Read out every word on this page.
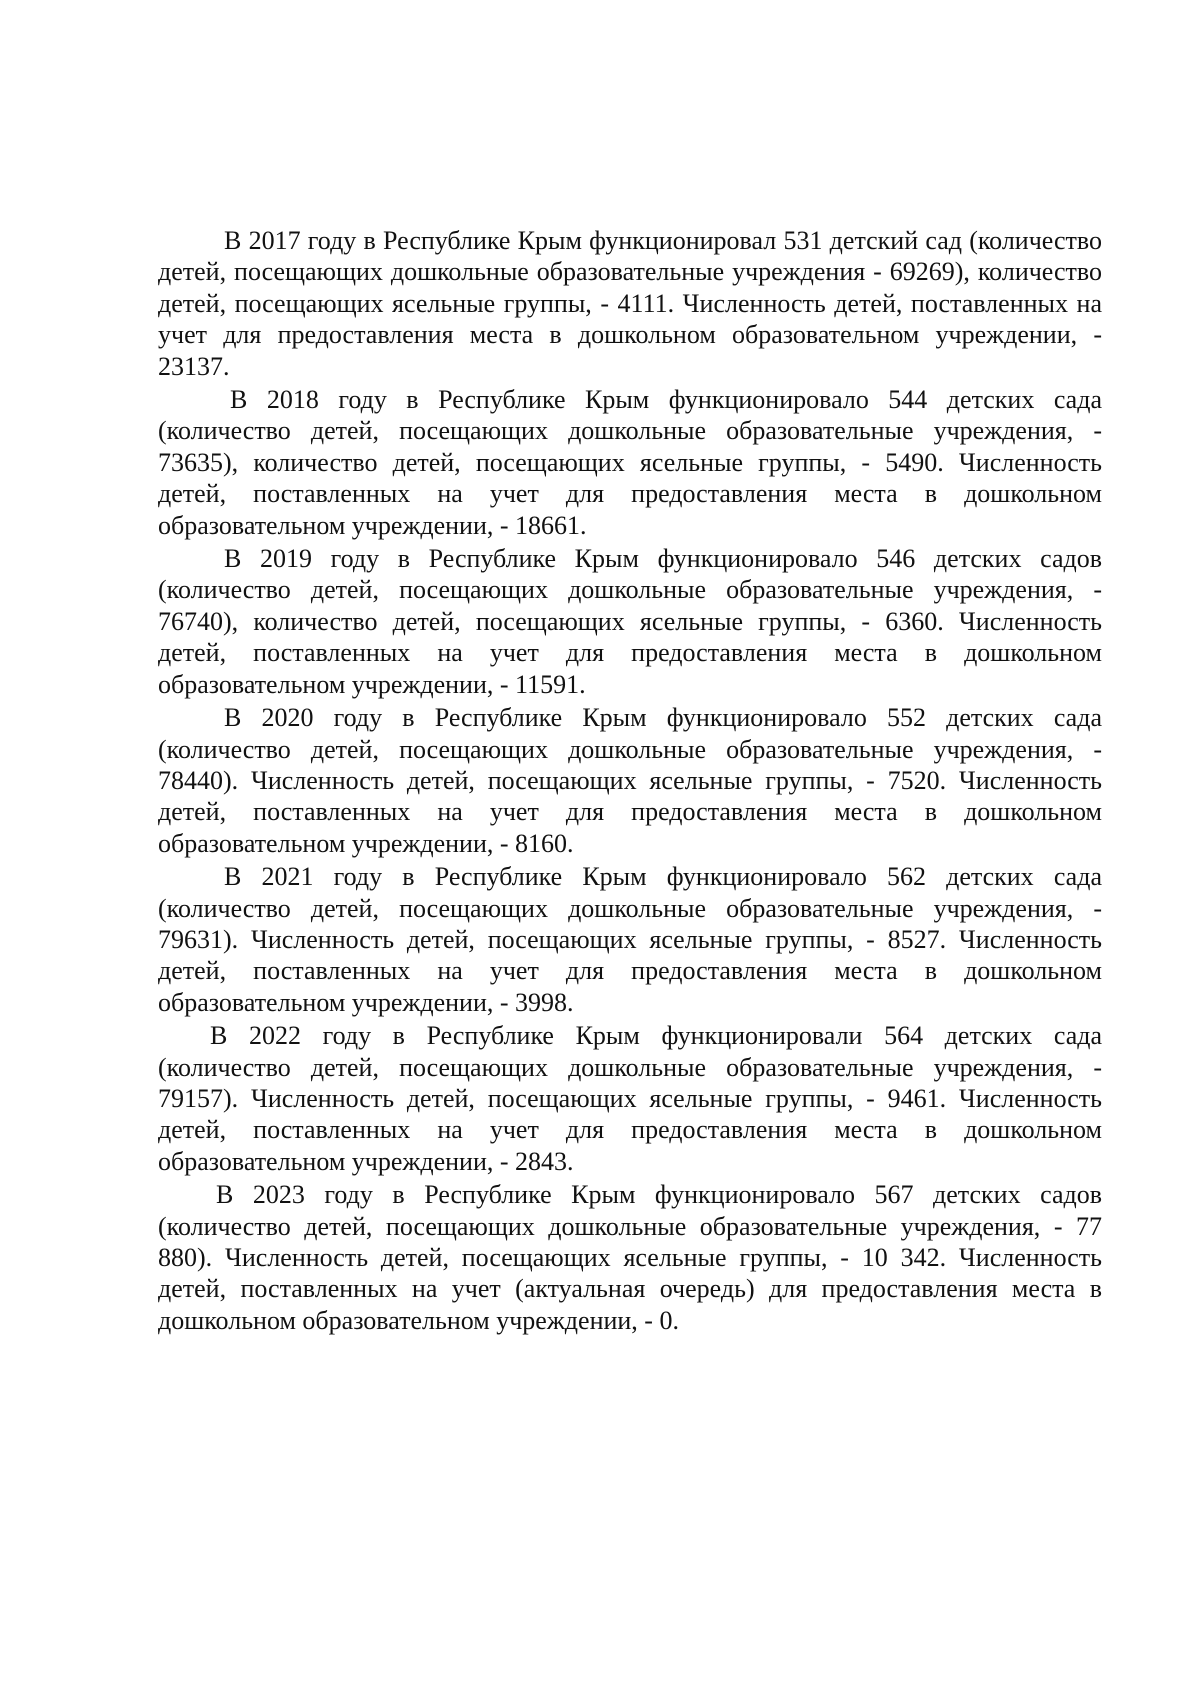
В 2017 году в Республике Крым функционировал 531 детский сад (количество детей, посещающих дошкольные образовательные учреждения - 69269), количество детей, посещающих ясельные группы, - 4111. Численность детей, поставленных на учет для предоставления места в дошкольном образовательном учреждении, - 23137.

В 2018 году в Республике Крым функционировало 544 детских сада (количество детей, посещающих дошкольные образовательные учреждения, - 73635), количество детей, посещающих ясельные группы, - 5490. Численность детей, поставленных на учет для предоставления места в дошкольном образовательном учреждении, - 18661.

В 2019 году в Республике Крым функционировало 546 детских садов (количество детей, посещающих дошкольные образовательные учреждения, - 76740), количество детей, посещающих ясельные группы, - 6360. Численность детей, поставленных на учет для предоставления места в дошкольном образовательном учреждении, - 11591.

В 2020 году в Республике Крым функционировало 552 детских сада (количество детей, посещающих дошкольные образовательные учреждения, - 78440). Численность детей, посещающих ясельные группы, - 7520. Численность детей, поставленных на учет для предоставления места в дошкольном образовательном учреждении, - 8160.

В 2021 году в Республике Крым функционировало 562 детских сада (количество детей, посещающих дошкольные образовательные учреждения, - 79631). Численность детей, посещающих ясельные группы, - 8527. Численность детей, поставленных на учет для предоставления места в дошкольном образовательном учреждении, - 3998.

В 2022 году в Республике Крым функционировали 564 детских сада (количество детей, посещающих дошкольные образовательные учреждения, - 79157). Численность детей, посещающих ясельные группы, - 9461. Численность детей, поставленных на учет для предоставления места в дошкольном образовательном учреждении, - 2843.

В 2023 году в Республике Крым функционировало 567 детских садов (количество детей, посещающих дошкольные образовательные учреждения, - 77 880). Численность детей, посещающих ясельные группы, - 10 342. Численность детей, поставленных на учет (актуальная очередь) для предоставления места в дошкольном образовательном учреждении, - 0.
